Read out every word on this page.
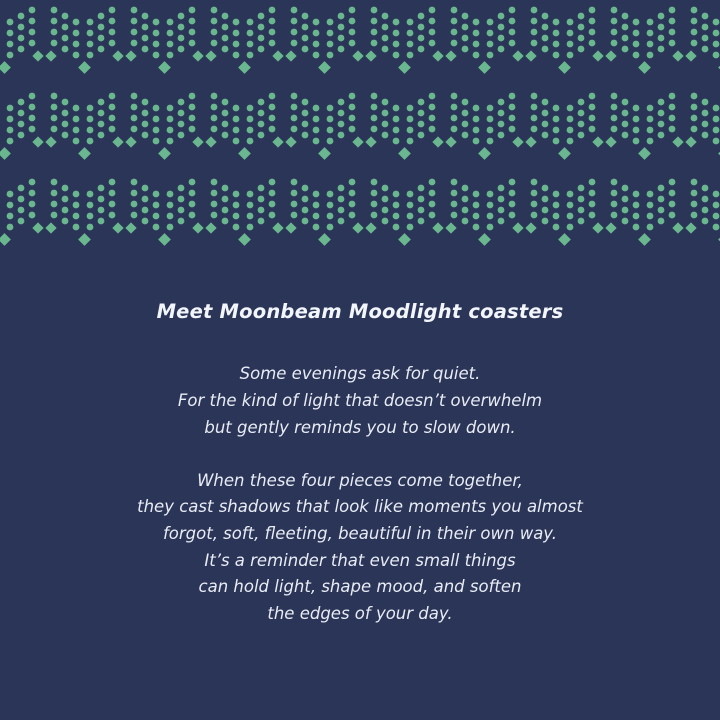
Meet Moonbeam Moodlight coasters

Some evenings ask for quiet.
For the kind of light that doesn’t overwhelm
but gently reminds you to slow down.

When these four pieces come together,
they cast shadows that look like moments you almost
forgot, soft, fleeting, beautiful in their own way.
It’s a reminder that even small things
can hold light, shape mood, and soften
the edges of your day.
